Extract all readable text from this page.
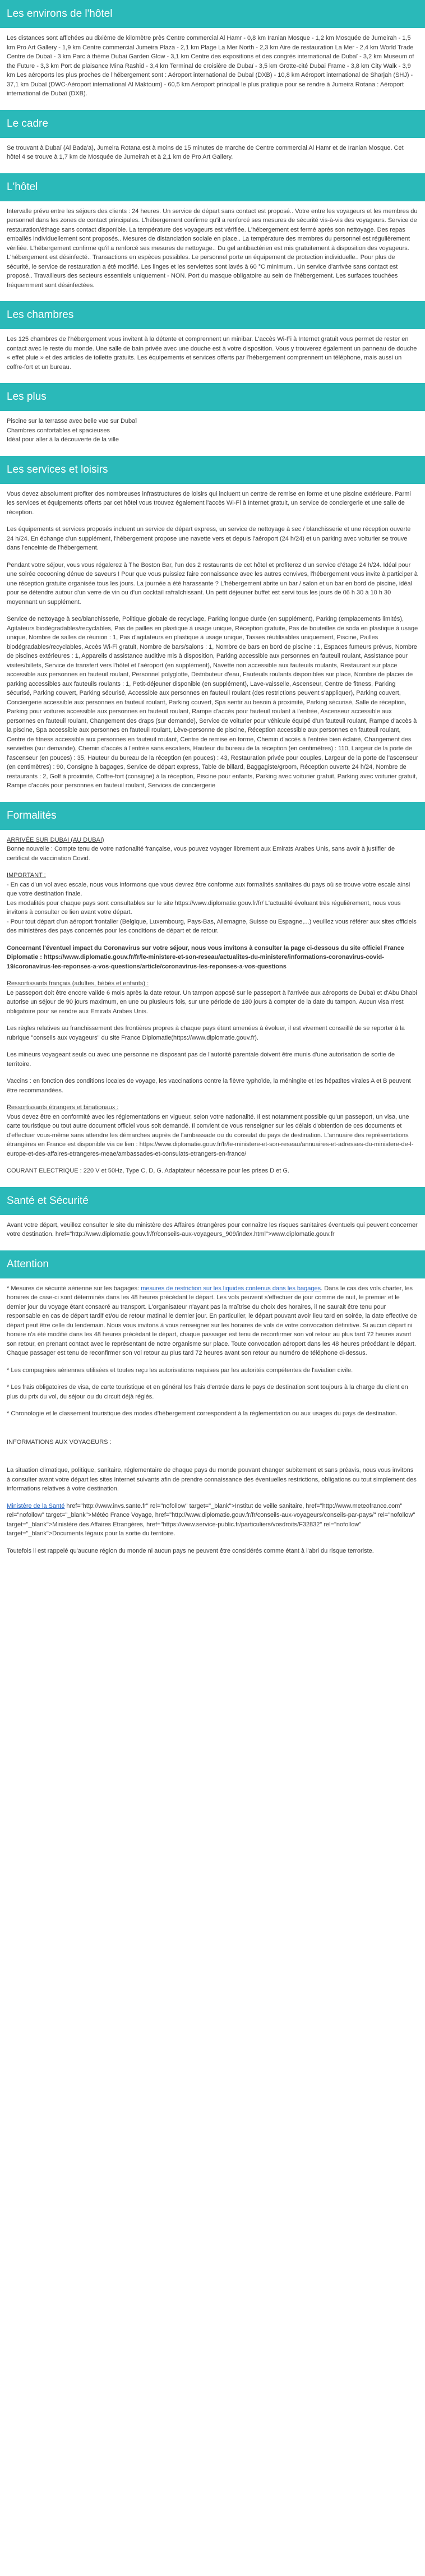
Les environs de l'hôtel

Les distances sont affichées au dixième de kilomètre près Centre commercial Al Hamr - 0,8 km Iranian Mosque - 1,2 km Mosquée de Jumeirah - 1,5 km Pro Art Gallery - 1,9 km Centre commercial Jumeira Plaza - 2,1 km Plage La Mer North - 2,3 km Aire de restauration La Mer - 2,4 km World Trade Centre de Dubaï - 3 km Parc à thème Dubai Garden Glow - 3,1 km Centre des expositions et des congrès international de Dubaï - 3,2 km Museum of the Future - 3,3 km Port de plaisance Mina Rashid - 3,4 km Terminal de croisière de Dubaï - 3,5 km Grotte-cité Dubai Frame - 3,8 km City Walk - 3,9 km Les aéroports les plus proches de l'hébergement sont : Aéroport international de Dubaï (DXB) - 10,8 km Aéroport international de Sharjah (SHJ) - 37,1 km Dubaï (DWC-Aéroport international Al Maktoum) - 60,5 km Aéroport principal le plus pratique pour se rendre à Jumeira Rotana : Aéroport international de Dubaï (DXB).

Le cadre

Se trouvant à Dubaï (Al Bada'a), Jumeira Rotana est à moins de 15 minutes de marche de Centre commercial Al Hamr et de Iranian Mosque. Cet hôtel 4 se trouve à 1,7 km de Mosquée de Jumeirah et à 2,1 km de Pro Art Gallery.

L'hôtel

Intervalle prévu entre les séjours des clients : 24 heures. Un service de départ sans contact est proposé.. Votre entre les voyageurs et les membres du personnel dans les zones de contact principales. L'hébergement confirme qu'il a renforcé ses mesures de sécurité vis-à-vis des voyageurs. Service de restauration/éthage sans contact disponible. La température des voyageurs est vérifiée. L'hébergement est fermé après son nettoyage. Des repas emballés individuellement sont proposés.. Mesures de distanciation sociale en place.. La température des membres du personnel est régulièrement vérifiée. L'hébergement confirme qu'il a renforcé ses mesures de nettoyage.. Du gel antibactérien est mis gratuitement à disposition des voyageurs. L'hébergement est désinfecté.. Transactions en espèces possibles. Le personnel porte un équipement de protection individuelle.. Pour plus de sécurité, le service de restauration a été modifié. Les linges et les serviettes sont lavés à 60 °C minimum.. Un service d'arrivée sans contact est proposé.. Travailleurs des secteurs essentiels uniquement - NON. Port du masque obligatoire au sein de l'hébergement. Les surfaces touchées fréquemment sont désinfectées.

Les chambres

Les 125 chambres de l'hébergement vous invitent à la détente et comprennent un minibar. L'accès Wi-Fi à Internet gratuit vous permet de rester en contact avec le reste du monde. Une salle de bain privée avec une douche est à votre disposition. Vous y trouverez également un panneau de douche « effet pluie » et des articles de toilette gratuits. Les équipements et services offerts par l'hébergement comprennent un téléphone, mais aussi un coffre-fort et un bureau.

Les plus
Piscine sur la terrasse avec belle vue sur Dubaï
Chambres confortables et spacieuses
Idéal pour aller à la découverte de la ville
Les services et loisirs

Vous devez absolument profiter des nombreuses infrastructures de loisirs qui incluent un centre de remise en forme et une piscine extérieure. Parmi les services et équipements offerts par cet hôtel vous trouvez également l'accès Wi-Fi à Internet gratuit, un service de conciergerie et une salle de réception.

Les équipements et services proposés incluent un service de départ express, un service de nettoyage à sec / blanchisserie et une réception ouverte 24 h/24. En échange d'un supplément, l'hébergement propose une navette vers et depuis l'aéroport (24 h/24) et un parking avec voiturier se trouve dans l'enceinte de l'hébergement.

Pendant votre séjour, vous vous régalerez à The Boston Bar, l'un des 2 restaurants de cet hôtel et profiterez d'un service d'étage 24 h/24. Idéal pour une soirée cocooning dénue de saveurs ! Pour que vous puissiez faire connaissance avec les autres convives, l'hébergement vous invite à participer à une réception gratuite organisée tous les jours. La journée a été harassante ? L'hébergement abrite un bar / salon et un bar en bord de piscine, idéal pour se détendre autour d'un verre de vin ou d'un cocktail rafraîchissant. Un petit déjeuner buffet est servi tous les jours de 06 h 30 à 10 h 30 moyennant un supplément.

Service de nettoyage à sec/blanchisserie, Politique globale de recyclage, Parking longue durée (en supplément), Parking (emplacements limités), Agitateurs biodégradables/recyclables, Pas de pailles en plastique à usage unique, Réception gratuite, Pas de bouteilles de soda en plastique à usage unique, Nombre de salles de réunion : 1, Pas d'agitateurs en plastique à usage unique, Tasses réutilisables uniquement, Piscine, Pailles biodégradables/recyclables, Accès Wi-Fi gratuit, Nombre de bars/salons : 1, Nombre de bars en bord de piscine : 1, Espaces fumeurs prévus, Nombre de piscines extérieures : 1, Appareils d'assistance auditive mis à disposition, Parking accessible aux personnes en fauteuil roulant, Assistance pour visites/billets, Service de transfert vers l'hôtel et l'aéroport (en supplément), Navette non accessible aux fauteuils roulants, Restaurant sur place accessible aux personnes en fauteuil roulant, Personnel polyglotte, Distributeur d'eau, Fauteuils roulants disponibles sur place, Nombre de places de parking accessibles aux fauteuils roulants : 1, Petit-déjeuner disponible (en supplément), Lave-vaisselle, Ascenseur, Centre de fitness, Parking sécurisé, Parking couvert, Parking sécurisé, Accessible aux personnes en fauteuil roulant (des restrictions peuvent s'appliquer), Parking couvert, Conciergerie accessible aux personnes en fauteuil roulant, Parking couvert, Spa sentir au besoin à proximité, Parking sécurisé, Salle de réception, Parking pour voitures accessible aux personnes en fauteuil roulant, Rampe d'accès pour fauteuil roulant à l'entrée, Ascenseur accessible aux personnes en fauteuil roulant, Changement des draps (sur demande), Service de voiturier pour véhicule équipé d'un fauteuil roulant, Rampe d'accès à la piscine, Spa accessible aux personnes en fauteuil roulant, Lève-personne de piscine, Réception accessible aux personnes en fauteuil roulant, Centre de fitness accessible aux personnes en fauteuil roulant, Centre de remise en forme, Chemin d'accès à l'entrée bien éclairé, Changement des serviettes (sur demande), Chemin d'accès à l'entrée sans escaliers, Hauteur du bureau de la réception (en centimètres) : 110, Largeur de la porte de l'ascenseur (en pouces) : 35, Hauteur du bureau de la réception (en pouces) : 43, Restauration privée pour couples, Largeur de la porte de l'ascenseur (en centimètres) : 90, Consigne à bagages, Service de départ express, Table de billard, Baggagiste/groom, Réception ouverte 24 h/24, Nombre de restaurants : 2, Golf à proximité, Coffre-fort (consigne) à la réception, Piscine pour enfants, Parking avec voiturier gratuit, Parking avec voiturier gratuit, Rampe d'accès pour personnes en fauteuil roulant, Services de conciergerie

Formalités
ARRIVÉE SUR DUBAI (AU DUBAI)

Bonne nouvelle : Compte tenu de votre nationalité française, vous pouvez voyager librement aux Emirats Arabes Unis, sans avoir à justifier de certificat de vaccination Covid.

IMPORTANT :
- En cas d'un vol avec escale, nous vous informons que vous devrez être conforme aux formalités sanitaires du pays où se trouve votre escale ainsi que votre destination finale.
Les modalités pour chaque pays sont consultables sur le site https://www.diplomatie.gouv.fr/fr/ L'actualité évoluant très régulièrement, nous vous invitons à consulter ce lien avant votre départ.

- Pour tout départ d'un aéroport frontalier (Belgique, Luxembourg, Pays-Bas, Allemagne, Suisse ou Espagne,...) veuillez vous référer aux sites officiels des ministères des pays concernés pour les conditions de départ et de retour.

Concernant l'éventuel impact du Coronavirus sur votre séjour, nous vous invitons à consulter la page ci-dessous du site officiel France Diplomatie : https://www.diplomatie.gouv.fr/fr/le-ministere-et-son-reseau/actualites-du-ministere/informations-coronavirus-covid-19/coronavirus-les-reponses-a-vos-questions/article/coronavirus-les-reponses-a-vos-questions

Ressortissants français (adultes, bébés et enfants) :

Le passeport doit être encore valide 6 mois après la date retour. Un tampon apposé sur le passeport à l'arrivée aux aéroports de Dubaï et d'Abu Dhabi autorise un séjour de 90 jours maximum, en une ou plusieurs fois, sur une période de 180 jours à compter de la date du tampon. Aucun visa n'est obligatoire pour se rendre aux Emirats Arabes Unis.

Les règles relatives au franchissement des frontières propres à chaque pays étant amenées à évoluer, il est vivement conseillé de se reporter à la rubrique "conseils aux voyageurs" du site France Diplomatie(https://www.diplomatie.gouv.fr).

Les mineurs voyageant seuls ou avec une personne ne disposant pas de l'autorité parentale doivent être munis d'une autorisation de sortie de territoire.

Vaccins : en fonction des conditions locales de voyage, les vaccinations contre la fièvre typhoïde, la méningite et les hépatites virales A et B peuvent être recommandées.

Ressortissants étrangers et binationaux :

Vous devez être en conformité avec les réglementations en vigueur, selon votre nationalité. Il est notamment possible qu'un passeport, un visa, une carte touristique ou tout autre document officiel vous soit demandé. Il convient de vous renseigner sur les délais d'obtention de ces documents et d'effectuer vous-même sans attendre les démarches auprès de l'ambassade ou du consulat du pays de destination. L'annuaire des représentations étrangères en France est disponible via ce lien : https://www.diplomatie.gouv.fr/fr/le-ministere-et-son-reseau/annuaires-et-adresses-du-ministere-de-l-europe-et-des-affaires-etrangeres-meae/ambassades-et-consulats-etrangers-en-france/

COURANT ELECTRIQUE : 220 V et 50Hz, Type C, D, G. Adaptateur nécessaire pour les prises D et G.

Santé et Sécurité

Avant votre départ, veuillez consulter le site du ministère des Affaires étrangères pour connaître les risques sanitaires éventuels qui peuvent concerner votre destination. href="http://www.diplomatie.gouv.fr/fr/conseils-aux-voyageurs_909/index.html">www.diplomatie.gouv.fr

Attention

* Mesures de sécurité aérienne sur les bagages: mesures de restriction sur les liquides contenus dans les bagages. Dans le cas des vols charter, les horaires de case-ci sont déterminés dans les 48 heures précédant le départ. Les vols peuvent s'effectuer de jour comme de nuit, le premier et le dernier jour du voyage étant consacré au transport. L'organisateur n'ayant pas la maîtrise du choix des horaires, il ne saurait être tenu pour responsable en cas de départ tardif et/ou de retour matinal le dernier jour. En particulier, le départ pouvant avoir lieu tard en soirée, la date effective de départ peut être celle du lendemain. Nous vous invitons à vous renseigner sur les horaires de vols de votre convocation définitive. Si aucun départ ni horaire n'a été modifié dans les 48 heures précédant le départ, chaque passager est tenu de reconfirmer son vol retour au plus tard 72 heures avant son retour, en prenant contact avec le représentant de notre organisme sur place. Toute convocation aéroport dans les 48 heures précédant le départ. Chaque passager est tenu de reconfirmer son vol retour au plus tard 72 heures avant son retour au numéro de téléphone ci-dessus.

* Les compagnies aériennes utilisées et toutes reçu les autorisations requises par les autorités compétentes de l'aviation civile.

* Les frais obligatoires de visa, de carte touristique et en général les frais d'entrée dans le pays de destination sont toujours à la charge du client en plus du prix du vol, du séjour ou du circuit déjà réglés.

* Chronologie et le classement touristique des modes d'hébergement correspondent à la réglementation ou aux usages du pays de destination.

INFORMATIONS AUX VOYAGEURS :

La situation climatique, politique, sanitaire, réglementaire de chaque pays du monde pouvant changer subitement et sans préavis, nous vous invitons à consulter avant votre départ les sites Internet suivants afin de prendre connaissance des éventuelles restrictions, obligations ou tout simplement des informations relatives à votre destination.

Ministère de la Santé href="http://www.invs.sante.fr" rel="nofollow" target="_blank">Institut de veille sanitaire, href="http://www.meteofrance.com" rel="nofollow" target="_blank">Météo France Voyage, href="http://www.diplomatie.gouv.fr/fr/conseils-aux-voyageurs/conseils-par-pays/" rel="nofollow" target="_blank">Ministère des Affaires Etrangères, href="https://www.service-public.fr/particuliers/vosdroits/F32832" rel="nofollow" target="_blank">Documents légaux pour la sortie du territoire.

Toutefois il est rappelé qu'aucune région du monde ni aucun pays ne peuvent être considérés comme étant à l'abri du risque terroriste.
